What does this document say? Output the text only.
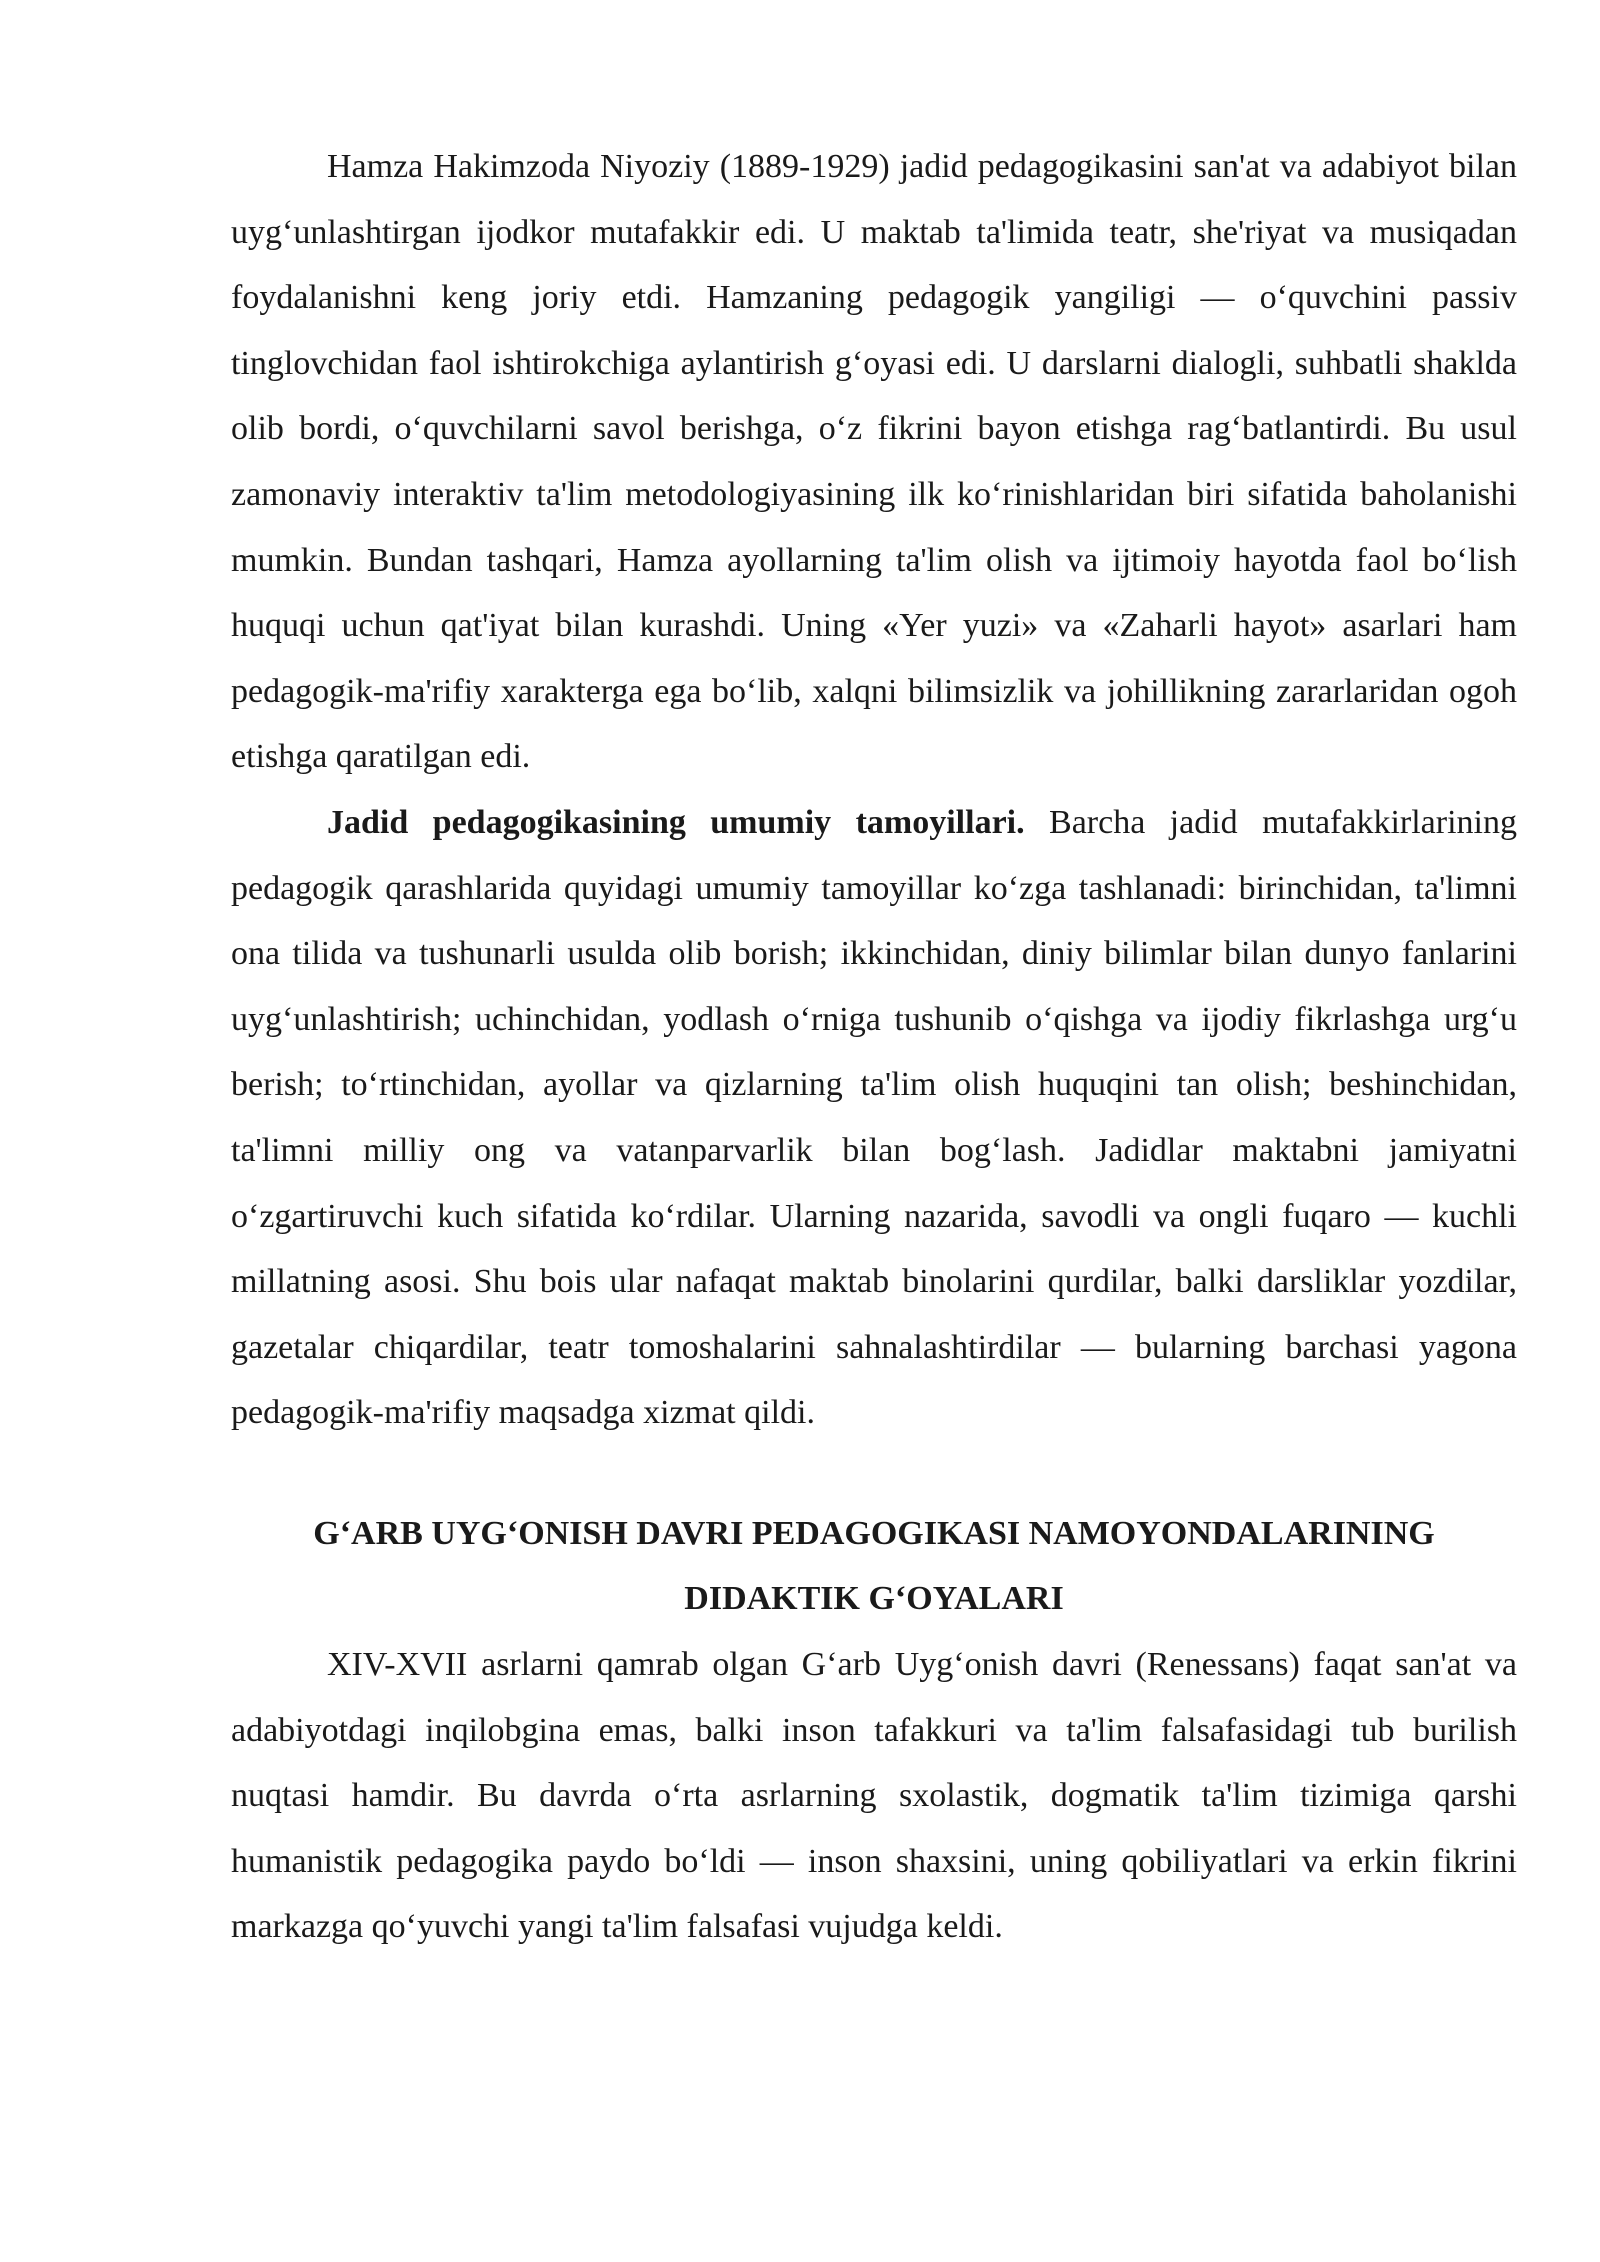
Hamza Hakimzoda Niyoziy (1889-1929) jadid pedagogikasini san'at va adabiyot bilan uyg‘unlashtirgan ijodkor mutafakkir edi. U maktab ta'limida teatr, she'riyat va musiqadan foydalanishni keng joriy etdi. Hamzaning pedagogik yangiligi — o‘quvchini passiv tinglovchidan faol ishtirokchiga aylantirish g‘oyasi edi. U darslarni dialogli, suhbatli shaklda olib bordi, o‘quvchilarni savol berishga, o‘z fikrini bayon etishga rag‘batlantirdi. Bu usul zamonaviy interaktiv ta'lim metodologiyasining ilk ko‘rinishlaridan biri sifatida baholanishi mumkin. Bundan tashqari, Hamza ayollarning ta'lim olish va ijtimoiy hayotda faol bo‘lish huquqi uchun qat'iyat bilan kurashdi. Uning «Yer yuzi» va «Zaharli hayot» asarlari ham pedagogik-ma'rifiy xarakterga ega bo‘lib, xalqni bilimsizlik va johillikning zararlaridan ogoh etishga qaratilgan edi.

Jadid pedagogikasining umumiy tamoyillari. Barcha jadid mutafakkirlarining pedagogik qarashlarida quyidagi umumiy tamoyillar ko‘zga tashlanadi: birinchidan, ta'limni ona tilida va tushunarli usulda olib borish; ikkinchidan, diniy bilimlar bilan dunyo fanlarini uyg‘unlashtirish; uchinchidan, yodlash o‘rniga tushunib o‘qishga va ijodiy fikrlashga urg‘u berish; to‘rtinchidan, ayollar va qizlarning ta'lim olish huquqini tan olish; beshinchidan, ta'limni milliy ong va vatanparvarlik bilan bog‘lash. Jadidlar maktabni jamiyatni o‘zgartiruvchi kuch sifatida ko‘rdilar. Ularning nazarida, savodli va ongli fuqaro — kuchli millatning asosi. Shu bois ular nafaqat maktab binolarini qurdilar, balki darsliklar yozdilar, gazetalar chiqardilar, teatr tomoshalarini sahnalashtirdilar — bularning barchasi yagona pedagogik-ma'rifiy maqsadga xizmat qildi.

G‘ARB UYG‘ONISH DAVRI PEDAGOGIKASI NAMOYONDALARINING
DIDAKTIK G‘OYALARI

XIV-XVII asrlarni qamrab olgan G‘arb Uyg‘onish davri (Renessans) faqat san'at va adabiyotdagi inqilobgina emas, balki inson tafakkuri va ta'lim falsafasidagi tub burilish nuqtasi hamdir. Bu davrda o‘rta asrlarning sxolastik, dogmatik ta'lim tizimiga qarshi humanistik pedagogika paydo bo‘ldi — inson shaxsini, uning qobiliyatlari va erkin fikrini markazga qo‘yuvchi yangi ta'lim falsafasi vujudga keldi.
